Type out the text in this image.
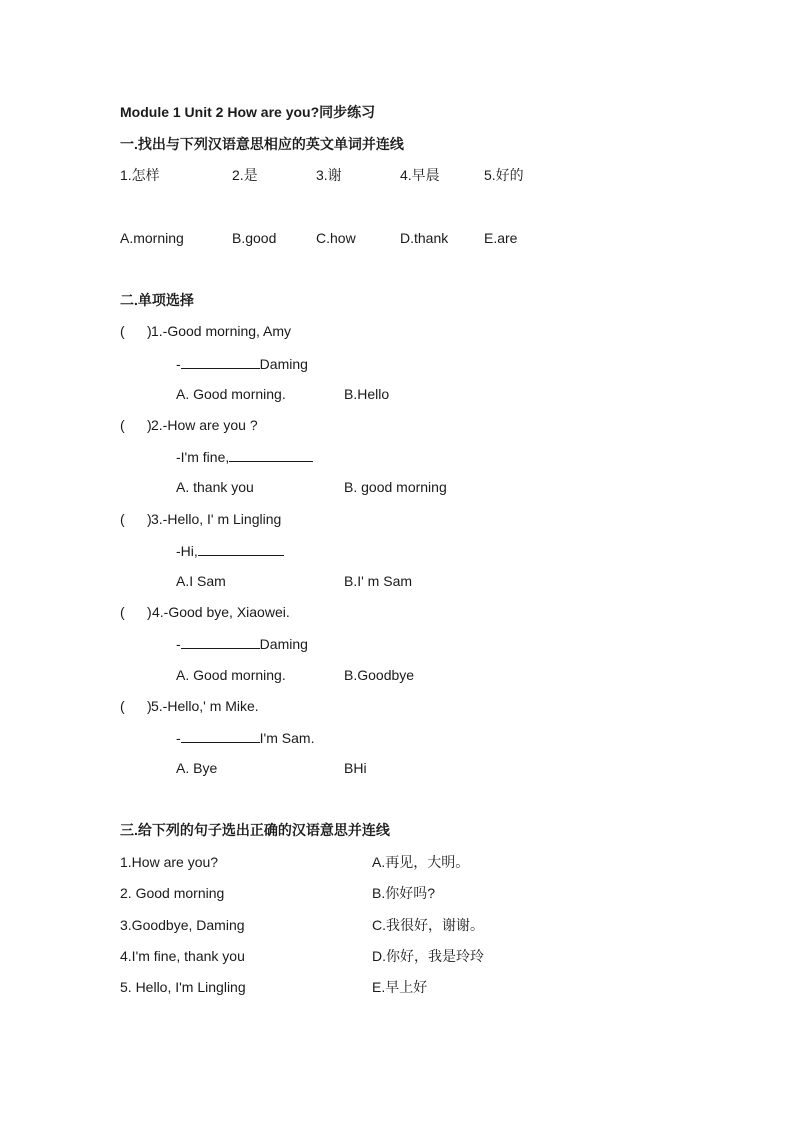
Module 1 Unit 2 How are you?同步练习
一.找出与下列汉语意思相应的英文单词并连线
1.怎样	2.是	3.谢	4.早晨	5.好的
A.morning	B.good	C.how	D.thank	E.are
二.单项选择
( ) 1.-Good morning, Amy
-	Daming
A. Good morning.	B.Hello
( ) 2.-How are you ?
-I'm fine,
A. thank you	B. good morning
( ) 3.-Hello, I' m Lingling
-Hi,
A.I Sam	B.I' m Sam
( ) 4.-Good bye, Xiaowei.
-	Daming
A. Good morning.	B.Goodbye
( ) 5.-Hello,' m Mike.
-	I'm Sam.
A. Bye	BHi
三.给下列的句子选出正确的汉语意思并连线
1.How are you?	A.再见，大明。
2. Good morning	B.你好吗?
3.Goodbye, Daming	C.我很好，谢谢。
4.I'm fine, thank you	D.你好，我是玲玲
5. Hello, I'm Lingling	E.早上好
